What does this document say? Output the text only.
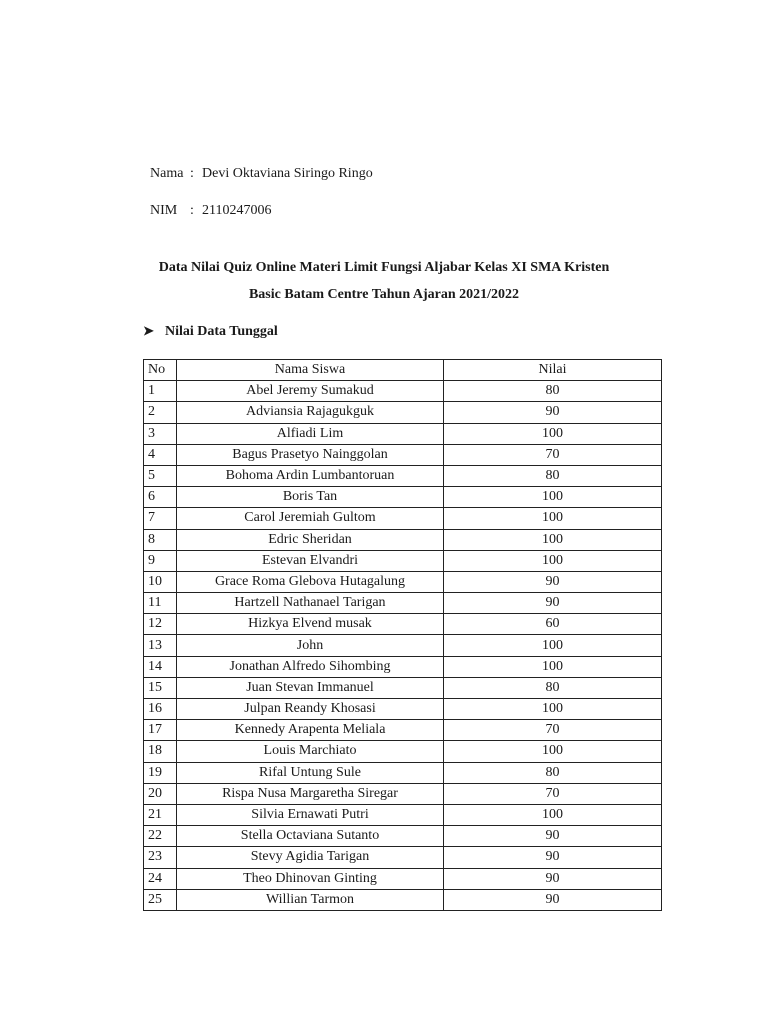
Nama : Devi Oktaviana Siringo Ringo

NIM : 2110247006

Data Nilai Quiz Online Materi Limit Fungsi Aljabar Kelas XI SMA Kristen
Basic Batam Centre Tahun Ajaran 2021/2022
➤ Nilai Data Tunggal
No	Nama Siswa	Nilai
1	Abel Jeremy Sumakud	80
2	Adviansia Rajagukguk	90
3	Alfiadi Lim	100
4	Bagus Prasetyo Nainggolan	70
5	Bohoma Ardin Lumbantoruan	80
6	Boris Tan	100
7	Carol Jeremiah Gultom	100
8	Edric Sheridan	100
9	Estevan Elvandri	100
10	Grace Roma Glebova Hutagalung	90
11	Hartzell Nathanael Tarigan	90
12	Hizkya Elvend musak	60
13	John	100
14	Jonathan Alfredo Sihombing	100
15	Juan Stevan Immanuel	80
16	Julpan Reandy Khosasi	100
17	Kennedy Arapenta Meliala	70
18	Louis Marchiato	100
19	Rifal Untung Sule	80
20	Rispa Nusa Margaretha Siregar	70
21	Silvia Ernawati Putri	100
22	Stella Octaviana Sutanto	90
23	Stevy Agidia Tarigan	90
24	Theo Dhinovan Ginting	90
25	Willian Tarmon	90
